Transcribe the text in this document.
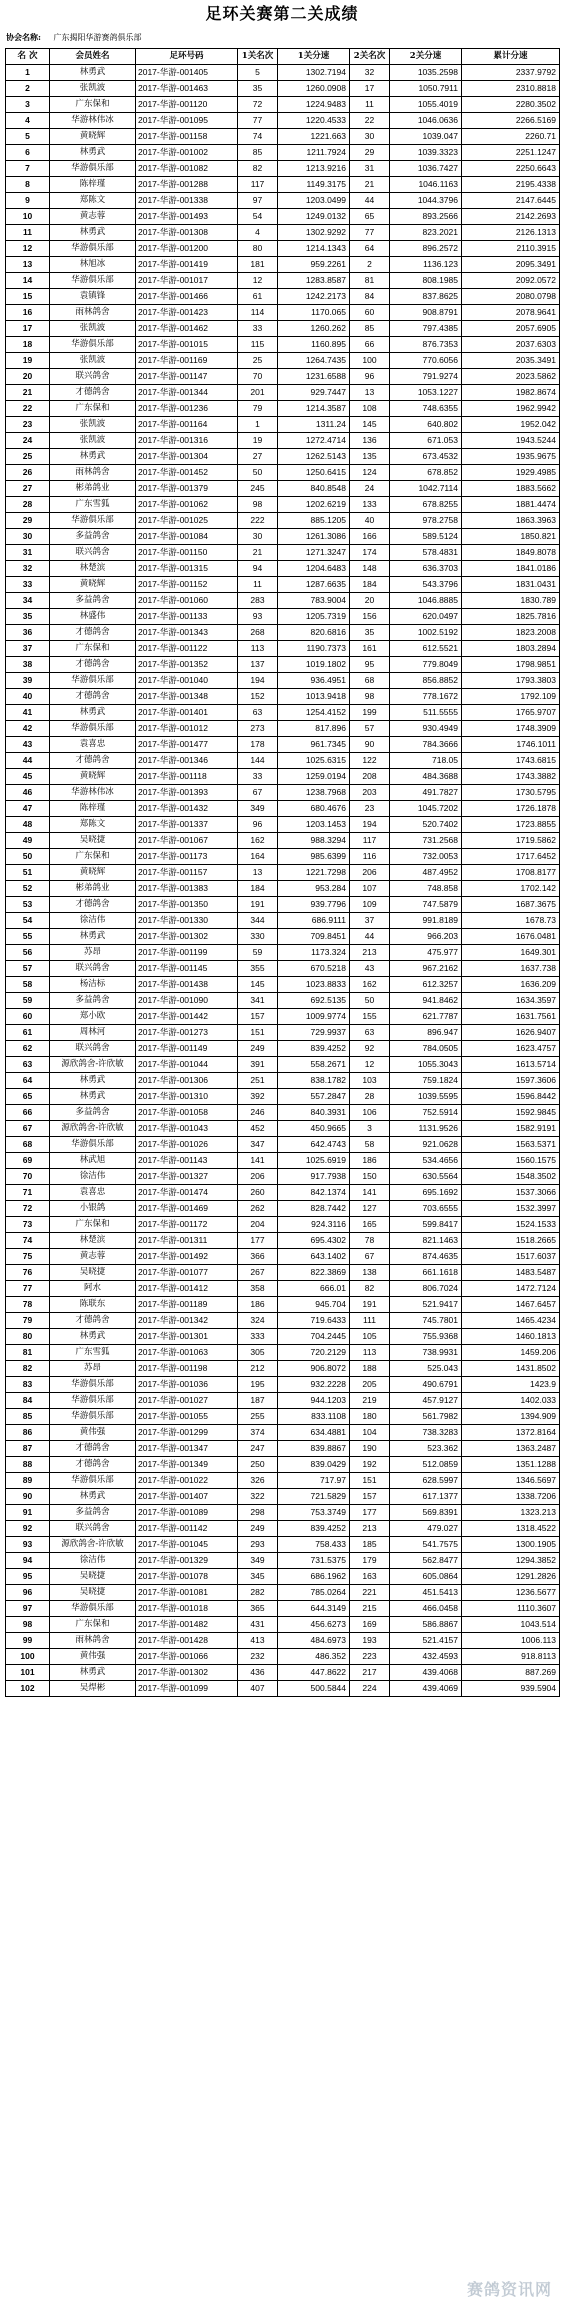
足环关赛第二关成绩
协会名称: 广东揭阳华游赛鸽俱乐部
名 次	会员姓名	足环号码	1关名次	1关分速	2关名次	2关分速	累计分速
1	林勇武	2017-华游-001405	5	1302.7194	32	1035.2598	2337.9792
2	张凯波	2017-华游-001463	35	1260.0908	17	1050.7911	2310.8818
3	广东保和	2017-华游-001120	72	1224.9483	11	1055.4019	2280.3502
4	华游林伟冰	2017-华游-001095	77	1220.4533	22	1046.0636	2266.5169
5	黄晓辉	2017-华游-001158	74	1221.663	30	1039.047	2260.71
6	林勇武	2017-华游-001002	85	1211.7924	29	1039.3323	2251.1247
7	华游俱乐部	2017-华游-001082	82	1213.9216	31	1036.7427	2250.6643
8	陈梓瑾	2017-华游-001288	117	1149.3175	21	1046.1163	2195.4338
9	郑陈文	2017-华游-001338	97	1203.0499	44	1044.3796	2147.6445
10	黄志蓉	2017-华游-001493	54	1249.0132	65	893.2566	2142.2693
11	林勇武	2017-华游-001308	4	1302.9292	77	823.2021	2126.1313
12	华游俱乐部	2017-华游-001200	80	1214.1343	64	896.2572	2110.3915
13	林旭冰	2017-华游-001419	181	959.2261	2	1136.123	2095.3491
14	华游俱乐部	2017-华游-001017	12	1283.8587	81	808.1985	2092.0572
15	袁镇锋	2017-华游-001466	61	1242.2173	84	837.8625	2080.0798
16	雨林鸽舍	2017-华游-001423	114	1170.065	60	908.8791	2078.9641
17	张凯波	2017-华游-001462	33	1260.262	85	797.4385	2057.6905
18	华游俱乐部	2017-华游-001015	115	1160.895	66	876.7353	2037.6303
19	张凯波	2017-华游-001169	25	1264.7435	100	770.6056	2035.3491
20	联兴鸽舍	2017-华游-001147	70	1231.6588	96	791.9274	2023.5862
21	才德鸽舍	2017-华游-001344	201	929.7447	13	1053.1227	1982.8674
22	广东保和	2017-华游-001236	79	1214.3587	108	748.6355	1962.9942
23	张凯波	2017-华游-001164	1	1311.24	145	640.802	1952.042
24	张凯波	2017-华游-001316	19	1272.4714	136	671.053	1943.5244
25	林勇武	2017-华游-001304	27	1262.5143	135	673.4532	1935.9675
26	雨林鸽舍	2017-华游-001452	50	1250.6415	124	678.852	1929.4985
27	彬弟鸽业	2017-华游-001379	245	840.8548	24	1042.7114	1883.5662
28	广东雪狐	2017-华游-001062	98	1202.6219	133	678.8255	1881.4474
29	华游俱乐部	2017-华游-001025	222	885.1205	40	978.2758	1863.3963
30	多益鸽舍	2017-华游-001084	30	1261.3086	166	589.5124	1850.821
31	联兴鸽舍	2017-华游-001150	21	1271.3247	174	578.4831	1849.8078
32	林楚滨	2017-华游-001315	94	1204.6483	148	636.3703	1841.0186
33	黄晓辉	2017-华游-001152	11	1287.6635	184	543.3796	1831.0431
34	多益鸽舍	2017-华游-001060	283	783.9004	20	1046.8885	1830.789
35	林盛伟	2017-华游-001133	93	1205.7319	156	620.0497	1825.7816
36	才德鸽舍	2017-华游-001343	268	820.6816	35	1002.5192	1823.2008
37	广东保和	2017-华游-001122	113	1190.7373	161	612.5521	1803.2894
38	才德鸽舍	2017-华游-001352	137	1019.1802	95	779.8049	1798.9851
39	华游俱乐部	2017-华游-001040	194	936.4951	68	856.8852	1793.3803
40	才德鸽舍	2017-华游-001348	152	1013.9418	98	778.1672	1792.109
41	林勇武	2017-华游-001401	63	1254.4152	199	511.5555	1765.9707
42	华游俱乐部	2017-华游-001012	273	817.896	57	930.4949	1748.3909
43	袁喜忠	2017-华游-001477	178	961.7345	90	784.3666	1746.1011
44	才德鸽舍	2017-华游-001346	144	1025.6315	122	718.05	1743.6815
45	黄晓辉	2017-华游-001118	33	1259.0194	208	484.3688	1743.3882
46	华游林伟冰	2017-华游-001393	67	1238.7968	203	491.7827	1730.5795
47	陈梓瑾	2017-华游-001432	349	680.4676	23	1045.7202	1726.1878
48	郑陈文	2017-华游-001337	96	1203.1453	194	520.7402	1723.8855
49	吴晓捷	2017-华游-001067	162	988.3294	117	731.2568	1719.5862
50	广东保和	2017-华游-001173	164	985.6399	116	732.0053	1717.6452
51	黄晓辉	2017-华游-001157	13	1221.7298	206	487.4952	1708.8177
52	彬弟鸽业	2017-华游-001383	184	953.284	107	748.858	1702.142
53	才德鸽舍	2017-华游-001350	191	939.7796	109	747.5879	1687.3675
54	徐洁伟	2017-华游-001330	344	686.9111	37	991.8189	1678.73
55	林勇武	2017-华游-001302	330	709.8451	44	966.203	1676.0481
56	苏昂	2017-华游-001199	59	1173.324	213	475.977	1649.301
57	联兴鸽舍	2017-华游-001145	355	670.5218	43	967.2162	1637.738
58	杨洁标	2017-华游-001438	145	1023.8833	162	612.3257	1636.209
59	多益鸽舍	2017-华游-001090	341	692.5135	50	941.8462	1634.3597
60	郑小欧	2017-华游-001442	157	1009.9774	155	621.7787	1631.7561
61	周林河	2017-华游-001273	151	729.9937	63	896.947	1626.9407
62	联兴鸽舍	2017-华游-001149	249	839.4252	92	784.0505	1623.4757
63	源欣鸽舍-许欣敏	2017-华游-001044	391	558.2671	12	1055.3043	1613.5714
64	林勇武	2017-华游-001306	251	838.1782	103	759.1824	1597.3606
65	林勇武	2017-华游-001310	392	557.2847	28	1039.5595	1596.8442
66	多益鸽舍	2017-华游-001058	246	840.3931	106	752.5914	1592.9845
67	源欣鸽舍-许欣敏	2017-华游-001043	452	450.9665	3	1131.9526	1582.9191
68	华游俱乐部	2017-华游-001026	347	642.4743	58	921.0628	1563.5371
69	林武旭	2017-华游-001143	141	1025.6919	186	534.4656	1560.1575
70	徐洁伟	2017-华游-001327	206	917.7938	150	630.5564	1548.3502
71	袁喜忠	2017-华游-001474	260	842.1374	141	695.1692	1537.3066
72	小银鸽	2017-华游-001469	262	828.7442	127	703.6555	1532.3997
73	广东保和	2017-华游-001172	204	924.3116	165	599.8417	1524.1533
74	林楚滨	2017-华游-001311	177	695.4302	78	821.1463	1518.2665
75	黄志蓉	2017-华游-001492	366	643.1402	67	874.4635	1517.6037
76	吴晓捷	2017-华游-001077	267	822.3869	138	661.1618	1483.5487
77	阿水	2017-华游-001412	358	666.01	82	806.7024	1472.7124
78	陈联东	2017-华游-001189	186	945.704	191	521.9417	1467.6457
79	才德鸽舍	2017-华游-001342	324	719.6433	111	745.7801	1465.4234
80	林勇武	2017-华游-001301	333	704.2445	105	755.9368	1460.1813
81	广东雪狐	2017-华游-001063	305	720.2129	113	738.9931	1459.206
82	苏昂	2017-华游-001198	212	906.8072	188	525.043	1431.8502
83	华游俱乐部	2017-华游-001036	195	932.2228	205	490.6791	1423.9
84	华游俱乐部	2017-华游-001027	187	944.1203	219	457.9127	1402.033
85	华游俱乐部	2017-华游-001055	255	833.1108	180	561.7982	1394.909
86	黄伟强	2017-华游-001299	374	634.4881	104	738.3283	1372.8164
87	才德鸽舍	2017-华游-001347	247	839.8867	190	523.362	1363.2487
88	才德鸽舍	2017-华游-001349	250	839.0429	192	512.0859	1351.1288
89	华游俱乐部	2017-华游-001022	326	717.97	151	628.5997	1346.5697
90	林勇武	2017-华游-001407	322	721.5829	157	617.1377	1338.7206
91	多益鸽舍	2017-华游-001089	298	753.3749	177	569.8391	1323.213
92	联兴鸽舍	2017-华游-001142	249	839.4252	213	479.027	1318.4522
93	源欣鸽舍-许欣敏	2017-华游-001045	293	758.433	185	541.7575	1300.1905
94	徐洁伟	2017-华游-001329	349	731.5375	179	562.8477	1294.3852
95	吴晓捷	2017-华游-001078	345	686.1962	163	605.0864	1291.2826
96	吴晓捷	2017-华游-001081	282	785.0264	221	451.5413	1236.5677
97	华游俱乐部	2017-华游-001018	365	644.3149	215	466.0458	1110.3607
98	广东保和	2017-华游-001482	431	456.6273	169	586.8867	1043.514
99	雨林鸽舍	2017-华游-001428	413	484.6973	193	521.4157	1006.113
100	黄伟强	2017-华游-001066	232	486.352	223	432.4593	918.8113
101	林勇武	2017-华游-001302	436	447.8622	217	439.4068	887.269
102	吴焊彬	2017-华游-001099	407	500.5844	224	439.4069	939.5904
赛鸽资讯网
